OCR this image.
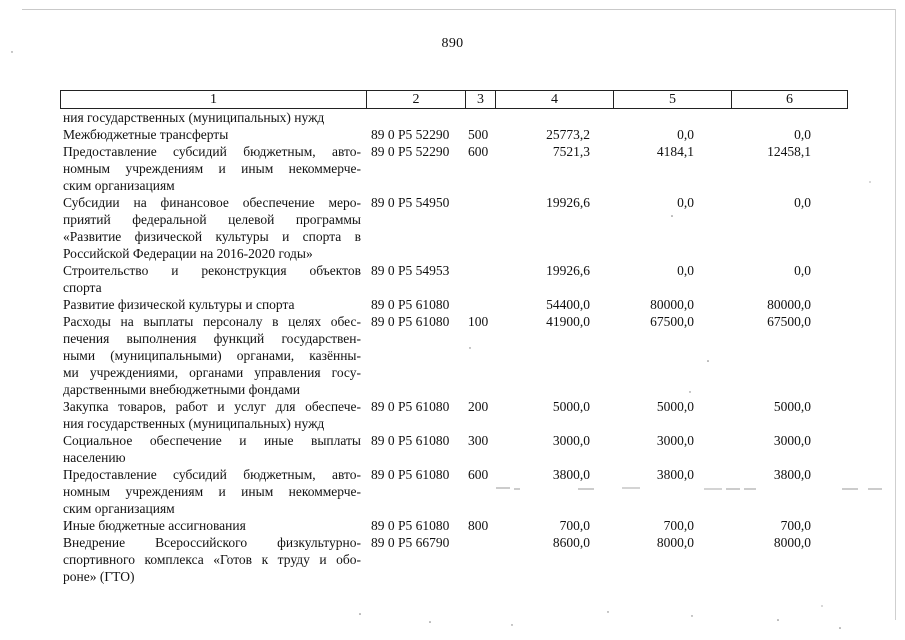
890
1	2	3	4	5	6
ния государственных (муниципальных) нужд
Межбюджетные трансферты	89 0 P5 52290 500	25773,2	0,0	0,0
Предоставление субсидий бюджетным, авто-
номным учреждениям и иным некоммерче-
ским организациям
89 0 P5 52290 600	7521,3	4184,1	12458,1
Субсидии на финансовое обеспечение меро-
приятий федеральной целевой программы
«Развитие физической культуры и спорта в
Российской Федерации на 2016-2020 годы»
89 0 P5 54950	19926,6	0,0	0,0
Строительство и реконструкция объектов
спорта
89 0 P5 54953	19926,6	0,0	0,0
Развитие физической культуры и спорта	89 0 P5 61080	54400,0	80000,0	80000,0
Расходы на выплаты персоналу в целях обес-
печения выполнения функций государствен-
ными (муниципальными) органами, казённы-
ми учреждениями, органами управления госу-
дарственными внебюджетными фондами
89 0 P5 61080 100	41900,0	67500,0	67500,0
Закупка товаров, работ и услуг для обеспече-
ния государственных (муниципальных) нужд
89 0 P5 61080 200	5000,0	5000,0	5000,0
Социальное обеспечение и иные выплаты
населению
89 0 P5 61080 300	3000,0	3000,0	3000,0
Предоставление субсидий бюджетным, авто-
номным учреждениям и иным некоммерче-
ским организациям
89 0 P5 61080 600	3800,0	3800,0	3800,0
Иные бюджетные ассигнования	89 0 P5 61080 800	700,0	700,0	700,0
Внедрение Всероссийского физкультурно-
спортивного комплекса «Готов к труду и обо-
роне» (ГТО)
89 0 P5 66790	8600,0	8000,0	8000,0
